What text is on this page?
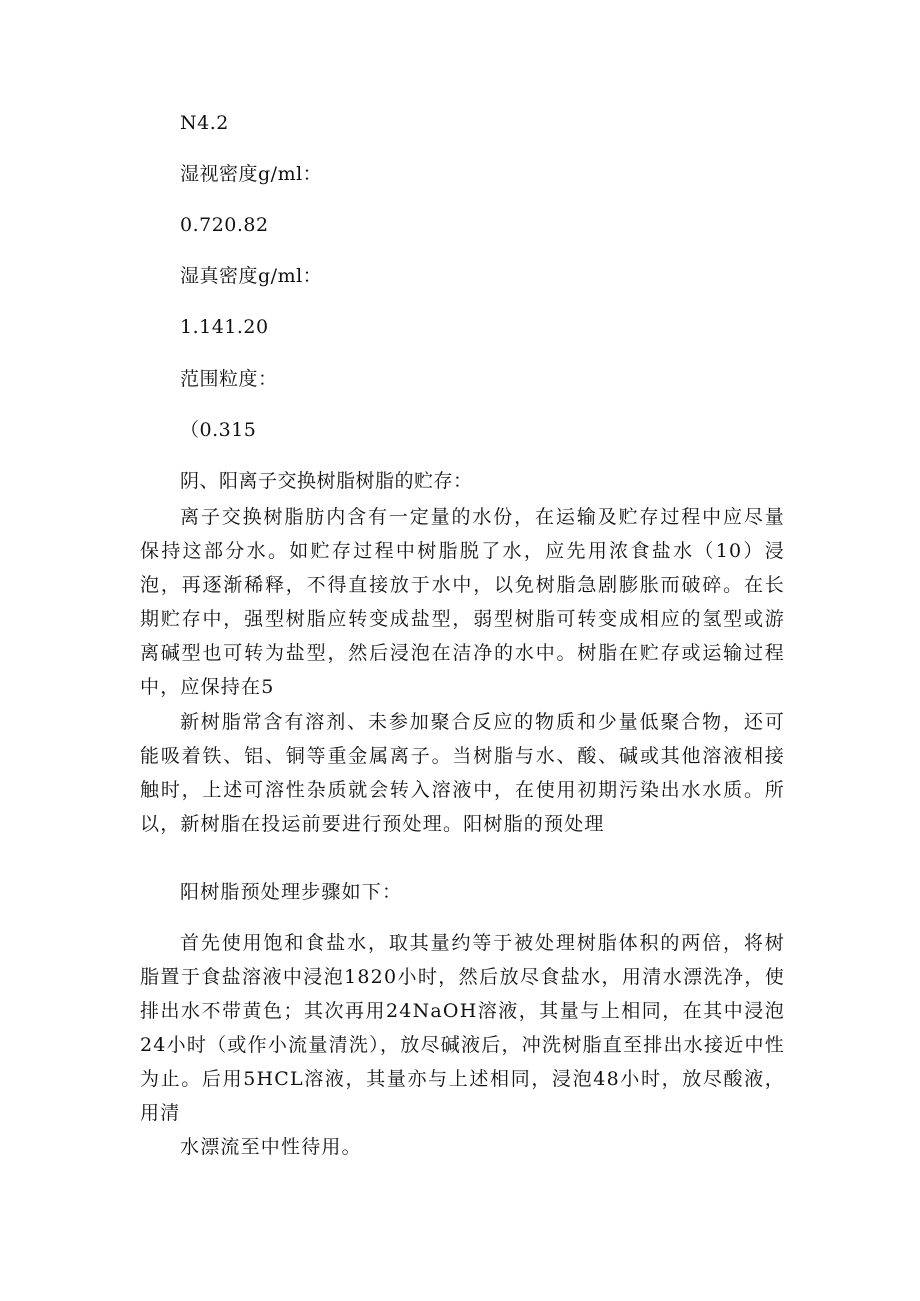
N4.2
湿视密度g/ml：
0.720.82
湿真密度g/ml：
1.141.20
范围粒度：
（0.315
阴、阳离子交换树脂树脂的贮存：

离子交换树脂肪内含有一定量的水份，在运输及贮存过程中应尽量保持这部分水。如贮存过程中树脂脱了水，应先用浓食盐水（10）浸泡，再逐渐稀释，不得直接放于水中，以免树脂急剧膨胀而破碎。在长期贮存中，强型树脂应转变成盐型，弱型树脂可转变成相应的氢型或游离碱型也可转为盐型，然后浸泡在洁净的水中。树脂在贮存或运输过程中，应保持在5

新树脂常含有溶剂、未参加聚合反应的物质和少量低聚合物，还可能吸着铁、铝、铜等重金属离子。当树脂与水、酸、碱或其他溶液相接触时，上述可溶性杂质就会转入溶液中，在使用初期污染出水水质。所以，新树脂在投运前要进行预处理。阳树脂的预处理

阳树脂预处理步骤如下：

首先使用饱和食盐水，取其量约等于被处理树脂体积的两倍，将树脂置于食盐溶液中浸泡1820小时，然后放尽食盐水，用清水漂洗净，使排出水不带黄色；其次再用24NaOH溶液，其量与上相同，在其中浸泡24小时（或作小流量清洗），放尽碱液后，冲洗树脂直至排出水接近中性为止。后用5HCL溶液，其量亦与上述相同，浸泡48小时，放尽酸液，用清

水漂流至中性待用。
